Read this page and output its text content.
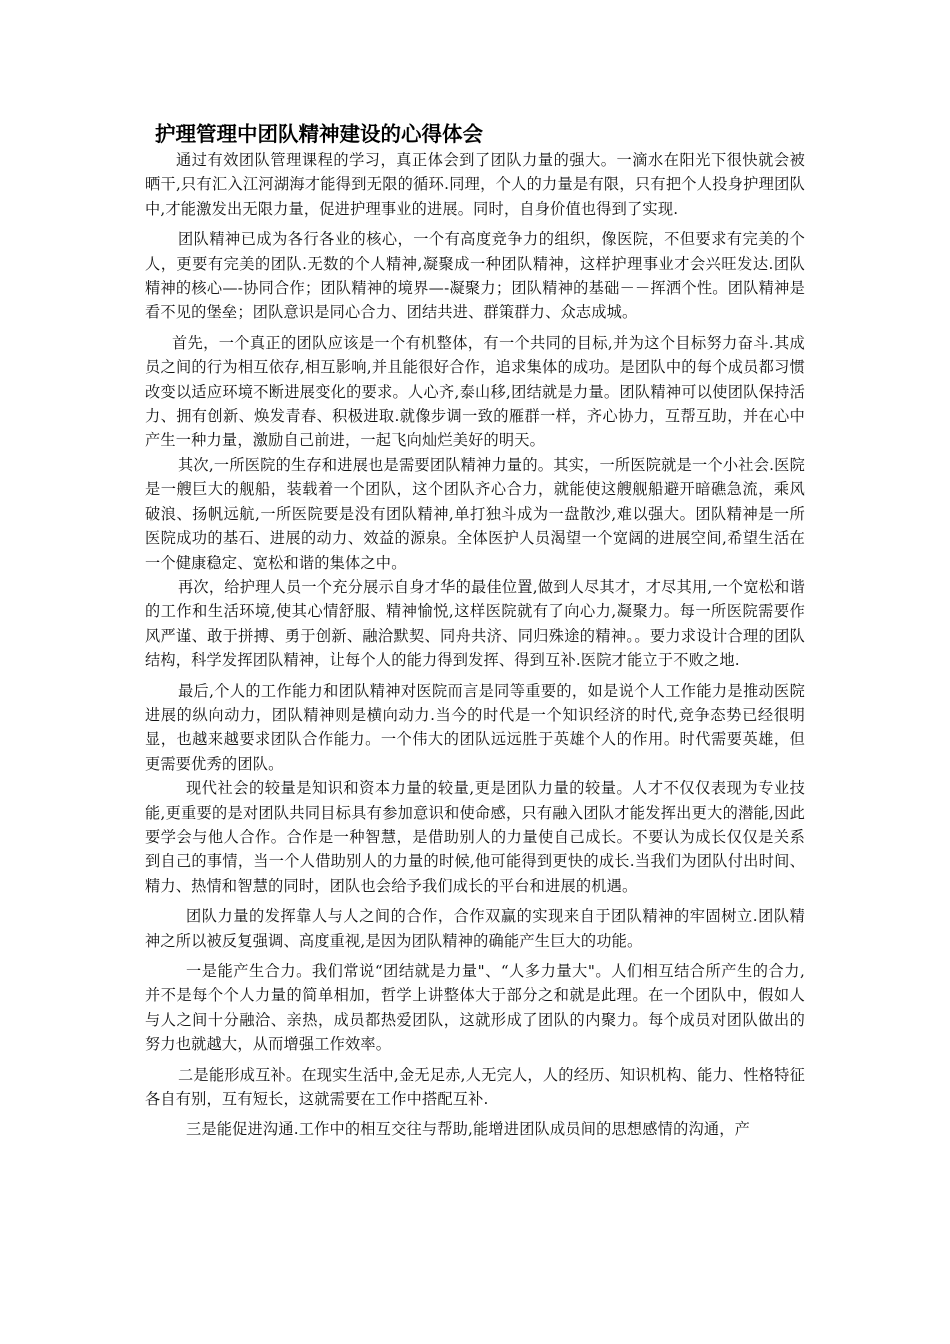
护理管理中团队精神建设的心得体会

通过有效团队管理课程的学习，真正体会到了团队力量的强大。一滴水在阳光下很快就会被晒干,只有汇入江河湖海才能得到无限的循环.同理，个人的力量是有限，只有把个人投身护理团队中,才能激发出无限力量，促进护理事业的进展。同时，自身价值也得到了实现.

团队精神已成为各行各业的核心，一个有高度竞争力的组织，像医院，不但要求有完美的个人，更要有完美的团队.无数的个人精神,凝聚成一种团队精神，这样护理事业才会兴旺发达.团队精神的核心—-协同合作；团队精神的境界—-凝聚力；团队精神的基础－－挥洒个性。团队精神是看不见的堡垒；团队意识是同心合力、团结共进、群策群力、众志成城。

首先，一个真正的团队应该是一个有机整体，有一个共同的目标,并为这个目标努力奋斗.其成员之间的行为相互依存,相互影响,并且能很好合作，追求集体的成功。是团队中的每个成员都习惯改变以适应环境不断进展变化的要求。人心齐,泰山移,团结就是力量。团队精神可以使团队保持活力、拥有创新、焕发青春、积极进取.就像步调一致的雁群一样，齐心协力，互帮互助，并在心中产生一种力量，激励自己前进，一起飞向灿烂美好的明天。

其次,一所医院的生存和进展也是需要团队精神力量的。其实，一所医院就是一个小社会.医院是一艘巨大的舰船，装载着一个团队，这个团队齐心合力，就能使这艘舰船避开暗礁急流，乘风破浪、扬帆远航,一所医院要是没有团队精神,单打独斗成为一盘散沙,难以强大。团队精神是一所医院成功的基石、进展的动力、效益的源泉。全体医护人员渴望一个宽阔的进展空间,希望生活在一个健康稳定、宽松和谐的集体之中。

再次，给护理人员一个充分展示自身才华的最佳位置,做到人尽其才，才尽其用,一个宽松和谐的工作和生活环境,使其心情舒服、精神愉悦,这样医院就有了向心力,凝聚力。每一所医院需要作风严谨、敢于拼搏、勇于创新、融洽默契、同舟共济、同归殊途的精神。。要力求设计合理的团队结构，科学发挥团队精神，让每个人的能力得到发挥、得到互补.医院才能立于不败之地.

最后,个人的工作能力和团队精神对医院而言是同等重要的，如是说个人工作能力是推动医院进展的纵向动力，团队精神则是横向动力.当今的时代是一个知识经济的时代,竞争态势已经很明显，也越来越要求团队合作能力。一个伟大的团队远远胜于英雄个人的作用。时代需要英雄，但更需要优秀的团队。

现代社会的较量是知识和资本力量的较量,更是团队力量的较量。人才不仅仅表现为专业技能,更重要的是对团队共同目标具有参加意识和使命感，只有融入团队才能发挥出更大的潜能,因此要学会与他人合作。合作是一种智慧，是借助别人的力量使自己成长。不要认为成长仅仅是关系到自己的事情，当一个人借助别人的力量的时候,他可能得到更快的成长.当我们为团队付出时间、精力、热情和智慧的同时，团队也会给予我们成长的平台和进展的机遇。

团队力量的发挥靠人与人之间的合作，合作双赢的实现来自于团队精神的牢固树立.团队精神之所以被反复强调、高度重视,是因为团队精神的确能产生巨大的功能。

一是能产生合力。我们常说“团结就是力量"、“人多力量大"。人们相互结合所产生的合力,并不是每个个人力量的简单相加，哲学上讲整体大于部分之和就是此理。在一个团队中，假如人与人之间十分融洽、亲热，成员都热爱团队，这就形成了团队的内聚力。每个成员对团队做出的努力也就越大，从而增强工作效率。

二是能形成互补。在现实生活中,金无足赤,人无完人，人的经历、知识机构、能力、性格特征各自有别，互有短长，这就需要在工作中搭配互补.

三是能促进沟通.工作中的相互交往与帮助,能增进团队成员间的思想感情的沟通，产
